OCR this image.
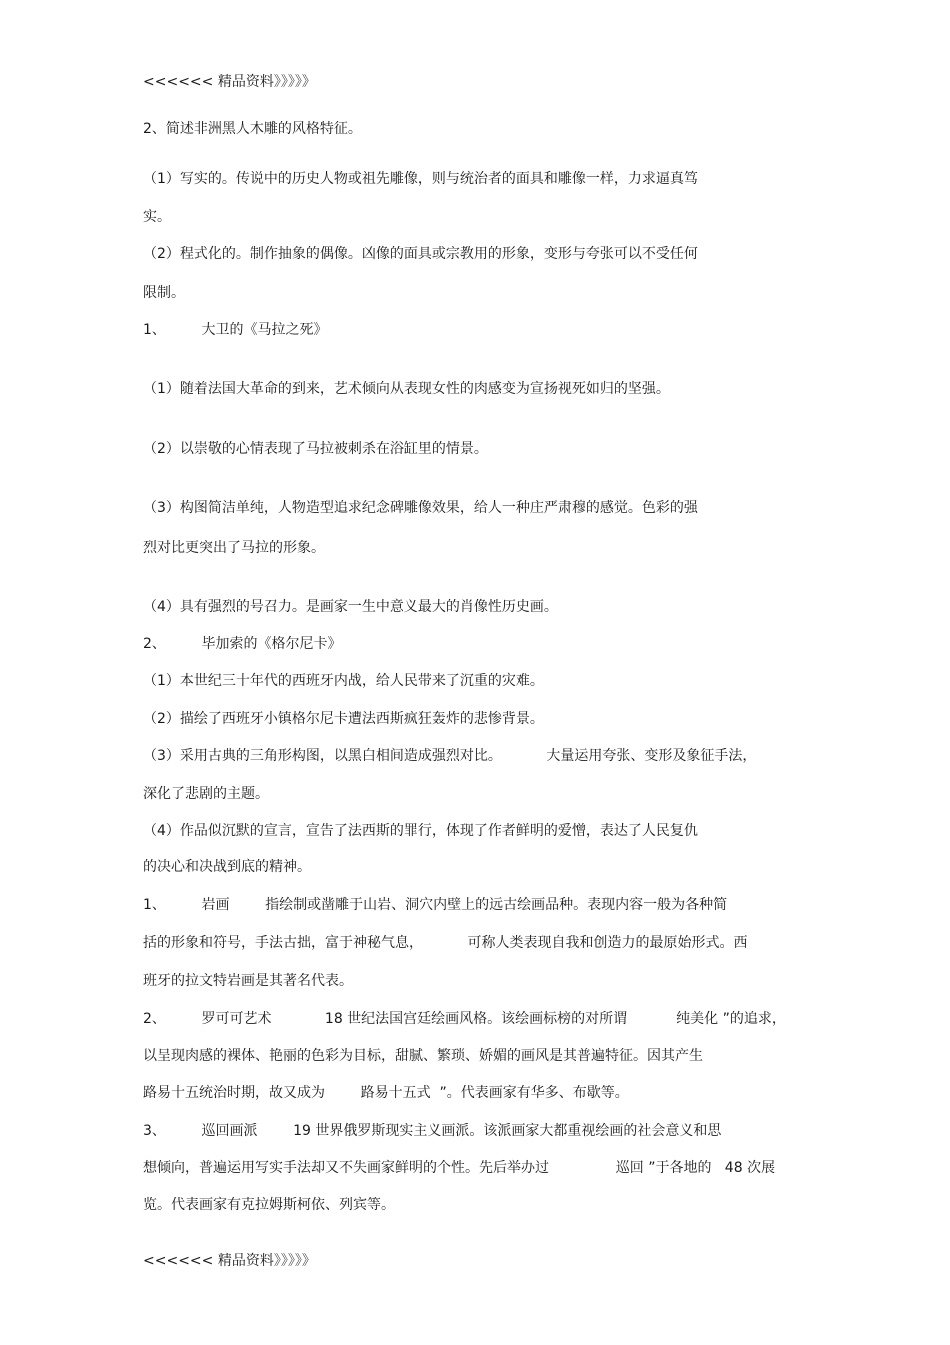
<<<<<< 精品资料》》》》》
2、简述非洲黑人木雕的风格特征。
（1）写实的。传说中的历史人物或祖先雕像，则与统治者的面具和雕像一样，力求逼真笃
实。
（2）程式化的。制作抽象的偶像。凶像的面具或宗教用的形象，变形与夸张可以不受任何
限制。
1、        大卫的《马拉之死》
（1）随着法国大革命的到来，艺术倾向从表现女性的肉感变为宣扬视死如归的坚强。
（2）以崇敬的心情表现了马拉被刺杀在浴缸里的情景。
（3）构图简洁单纯，人物造型追求纪念碑雕像效果，给人一种庄严肃穆的感觉。色彩的强
烈对比更突出了马拉的形象。
（4）具有强烈的号召力。是画家一生中意义最大的肖像性历史画。
2、        毕加索的《格尔尼卡》
（1）本世纪三十年代的西班牙内战，给人民带来了沉重的灾难。
（2）描绘了西班牙小镇格尔尼卡遭法西斯疯狂轰炸的悲惨背景。
（3）采用古典的三角形构图，以黑白相间造成强烈对比。          大量运用夸张、变形及象征手法，
深化了悲剧的主题。
（4）作品似沉默的宣言，宣告了法西斯的罪行，体现了作者鲜明的爱憎，表达了人民复仇
的决心和决战到底的精神。
1、        岩画        指绘制或凿雕于山岩、洞穴内壁上的远古绘画品种。表现内容一般为各种简
括的形象和符号，手法古拙，富于神秘气息，          可称人类表现自我和创造力的最原始形式。西
班牙的拉文特岩画是其著名代表。
2、        罗可可艺术            18 世纪法国宫廷绘画风格。该绘画标榜的对所谓           纯美化 ”的追求，
以呈现肉感的裸体、艳丽的色彩为目标，甜腻、繁琐、娇媚的画风是其普遍特征。因其产生
路易十五统治时期，故又成为        路易十五式  ”。代表画家有华多、布歇等。
3、        巡回画派        19 世界俄罗斯现实主义画派。该派画家大都重视绘画的社会意义和思
想倾向，普遍运用写实手法却又不失画家鲜明的个性。先后举办过               巡回 ”于各地的   48 次展
览。代表画家有克拉姆斯柯依、列宾等。
<<<<<< 精品资料》》》》》
